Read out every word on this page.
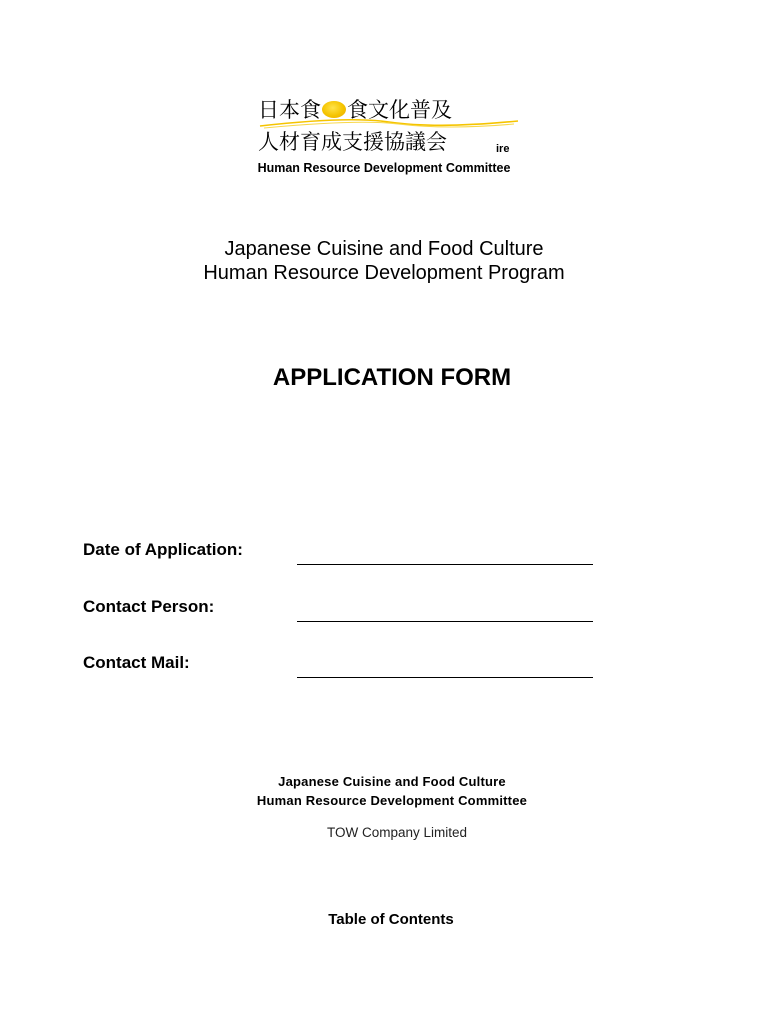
日本食 食文化普及
人材育成支援協議会	ire
Human Resource Development Committee
Japanese Cuisine and Food Culture
Human Resource Development Program
APPLICATION FORM
Date of Application:
Contact Person:
Contact Mail:
Japanese Cuisine and Food Culture
Human Resource Development Committee
TOW Company Limited
Table of Contents
